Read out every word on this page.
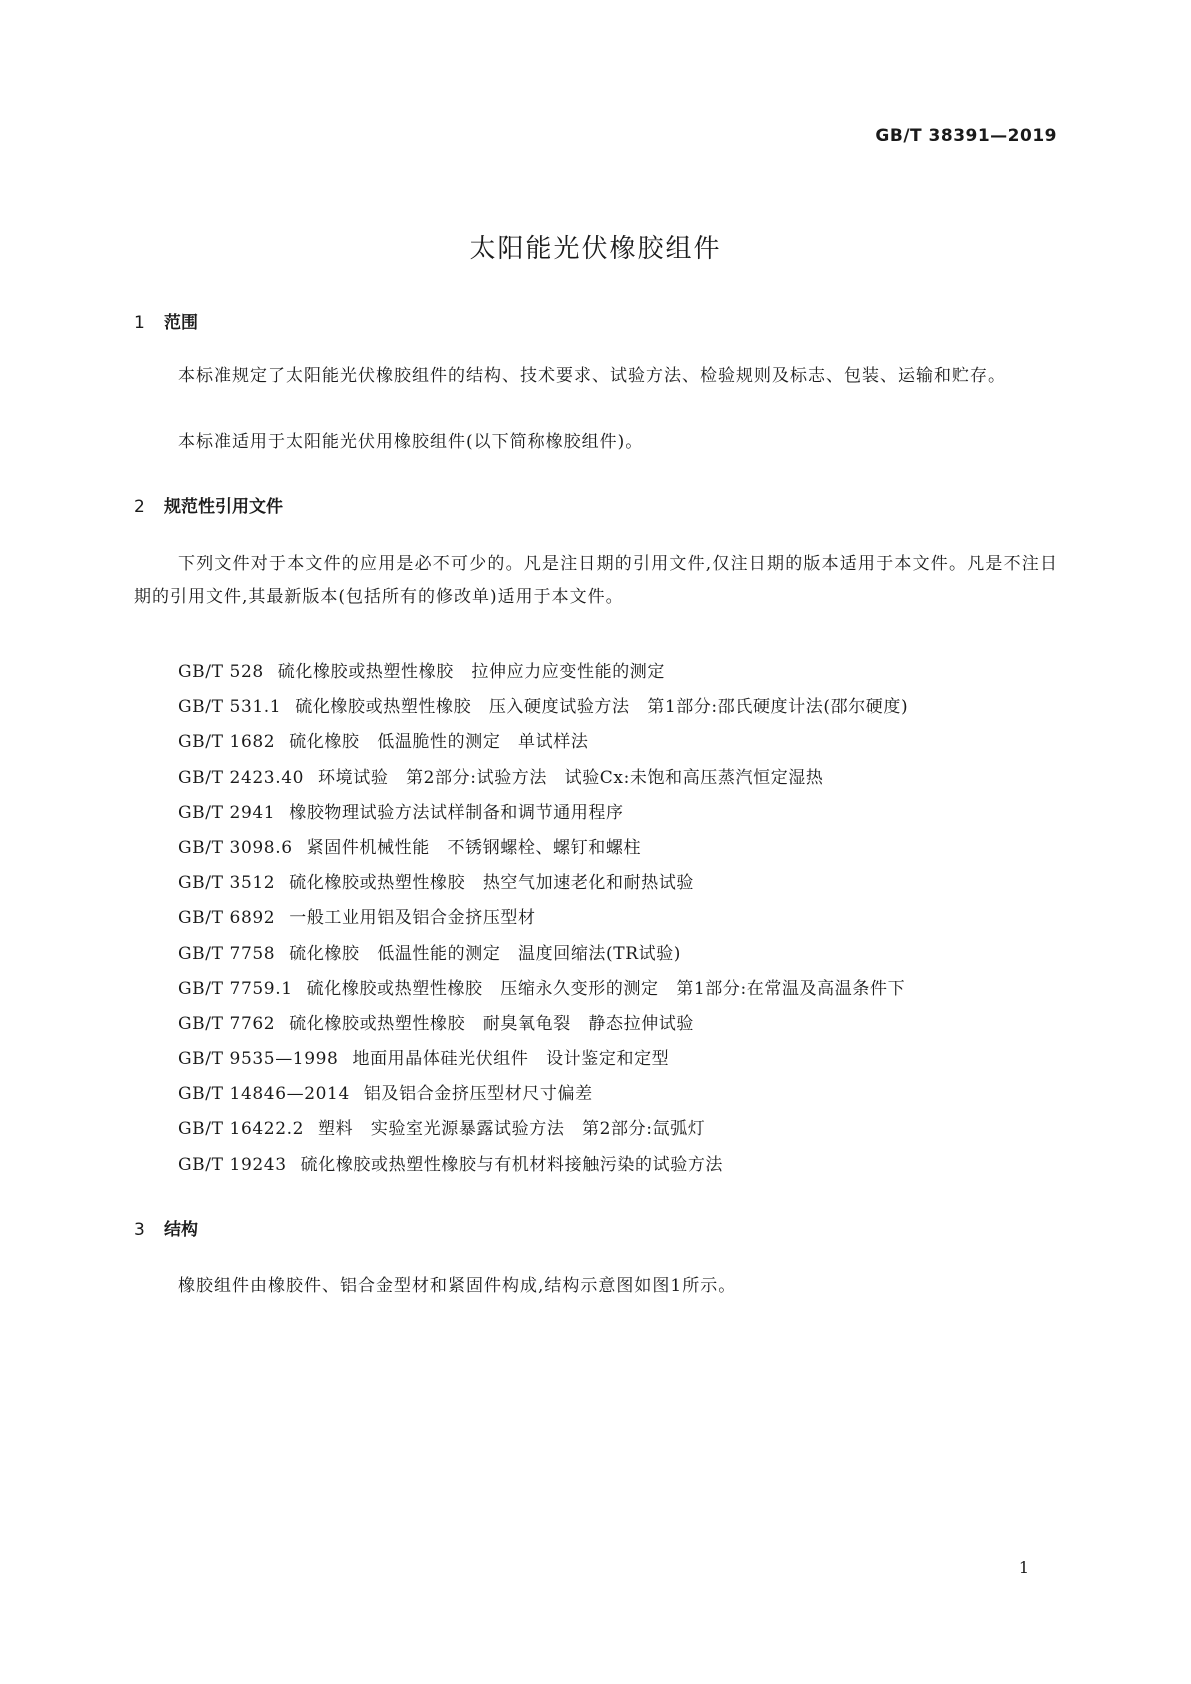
GB/T 38391—2019

太阳能光伏橡胶组件
1 范围

本标准规定了太阳能光伏橡胶组件的结构、技术要求、试验方法、检验规则及标志、包装、运输和贮存。

本标准适用于太阳能光伏用橡胶组件(以下简称橡胶组件)。

2 规范性引用文件

下列文件对于本文件的应用是必不可少的。凡是注日期的引用文件,仅注日期的版本适用于本文件。凡是不注日期的引用文件,其最新版本(包括所有的修改单)适用于本文件。

GB/T 528 硫化橡胶或热塑性橡胶　拉伸应力应变性能的测定
GB/T 531.1 硫化橡胶或热塑性橡胶　压入硬度试验方法　第1部分:邵氏硬度计法(邵尔硬度)
GB/T 1682 硫化橡胶　低温脆性的测定　单试样法
GB/T 2423.40 环境试验　第2部分:试验方法　试验Cx:未饱和高压蒸汽恒定湿热
GB/T 2941 橡胶物理试验方法试样制备和调节通用程序
GB/T 3098.6 紧固件机械性能　不锈钢螺栓、螺钉和螺柱
GB/T 3512 硫化橡胶或热塑性橡胶　热空气加速老化和耐热试验
GB/T 6892 一般工业用铝及铝合金挤压型材
GB/T 7758 硫化橡胶　低温性能的测定　温度回缩法(TR试验)
GB/T 7759.1 硫化橡胶或热塑性橡胶　压缩永久变形的测定　第1部分:在常温及高温条件下
GB/T 7762 硫化橡胶或热塑性橡胶　耐臭氧龟裂　静态拉伸试验
GB/T 9535—1998 地面用晶体硅光伏组件　设计鉴定和定型
GB/T 14846—2014 铝及铝合金挤压型材尺寸偏差
GB/T 16422.2 塑料　实验室光源暴露试验方法　第2部分:氙弧灯
GB/T 19243 硫化橡胶或热塑性橡胶与有机材料接触污染的试验方法
3 结构

橡胶组件由橡胶件、铝合金型材和紧固件构成,结构示意图如图1所示。

1
